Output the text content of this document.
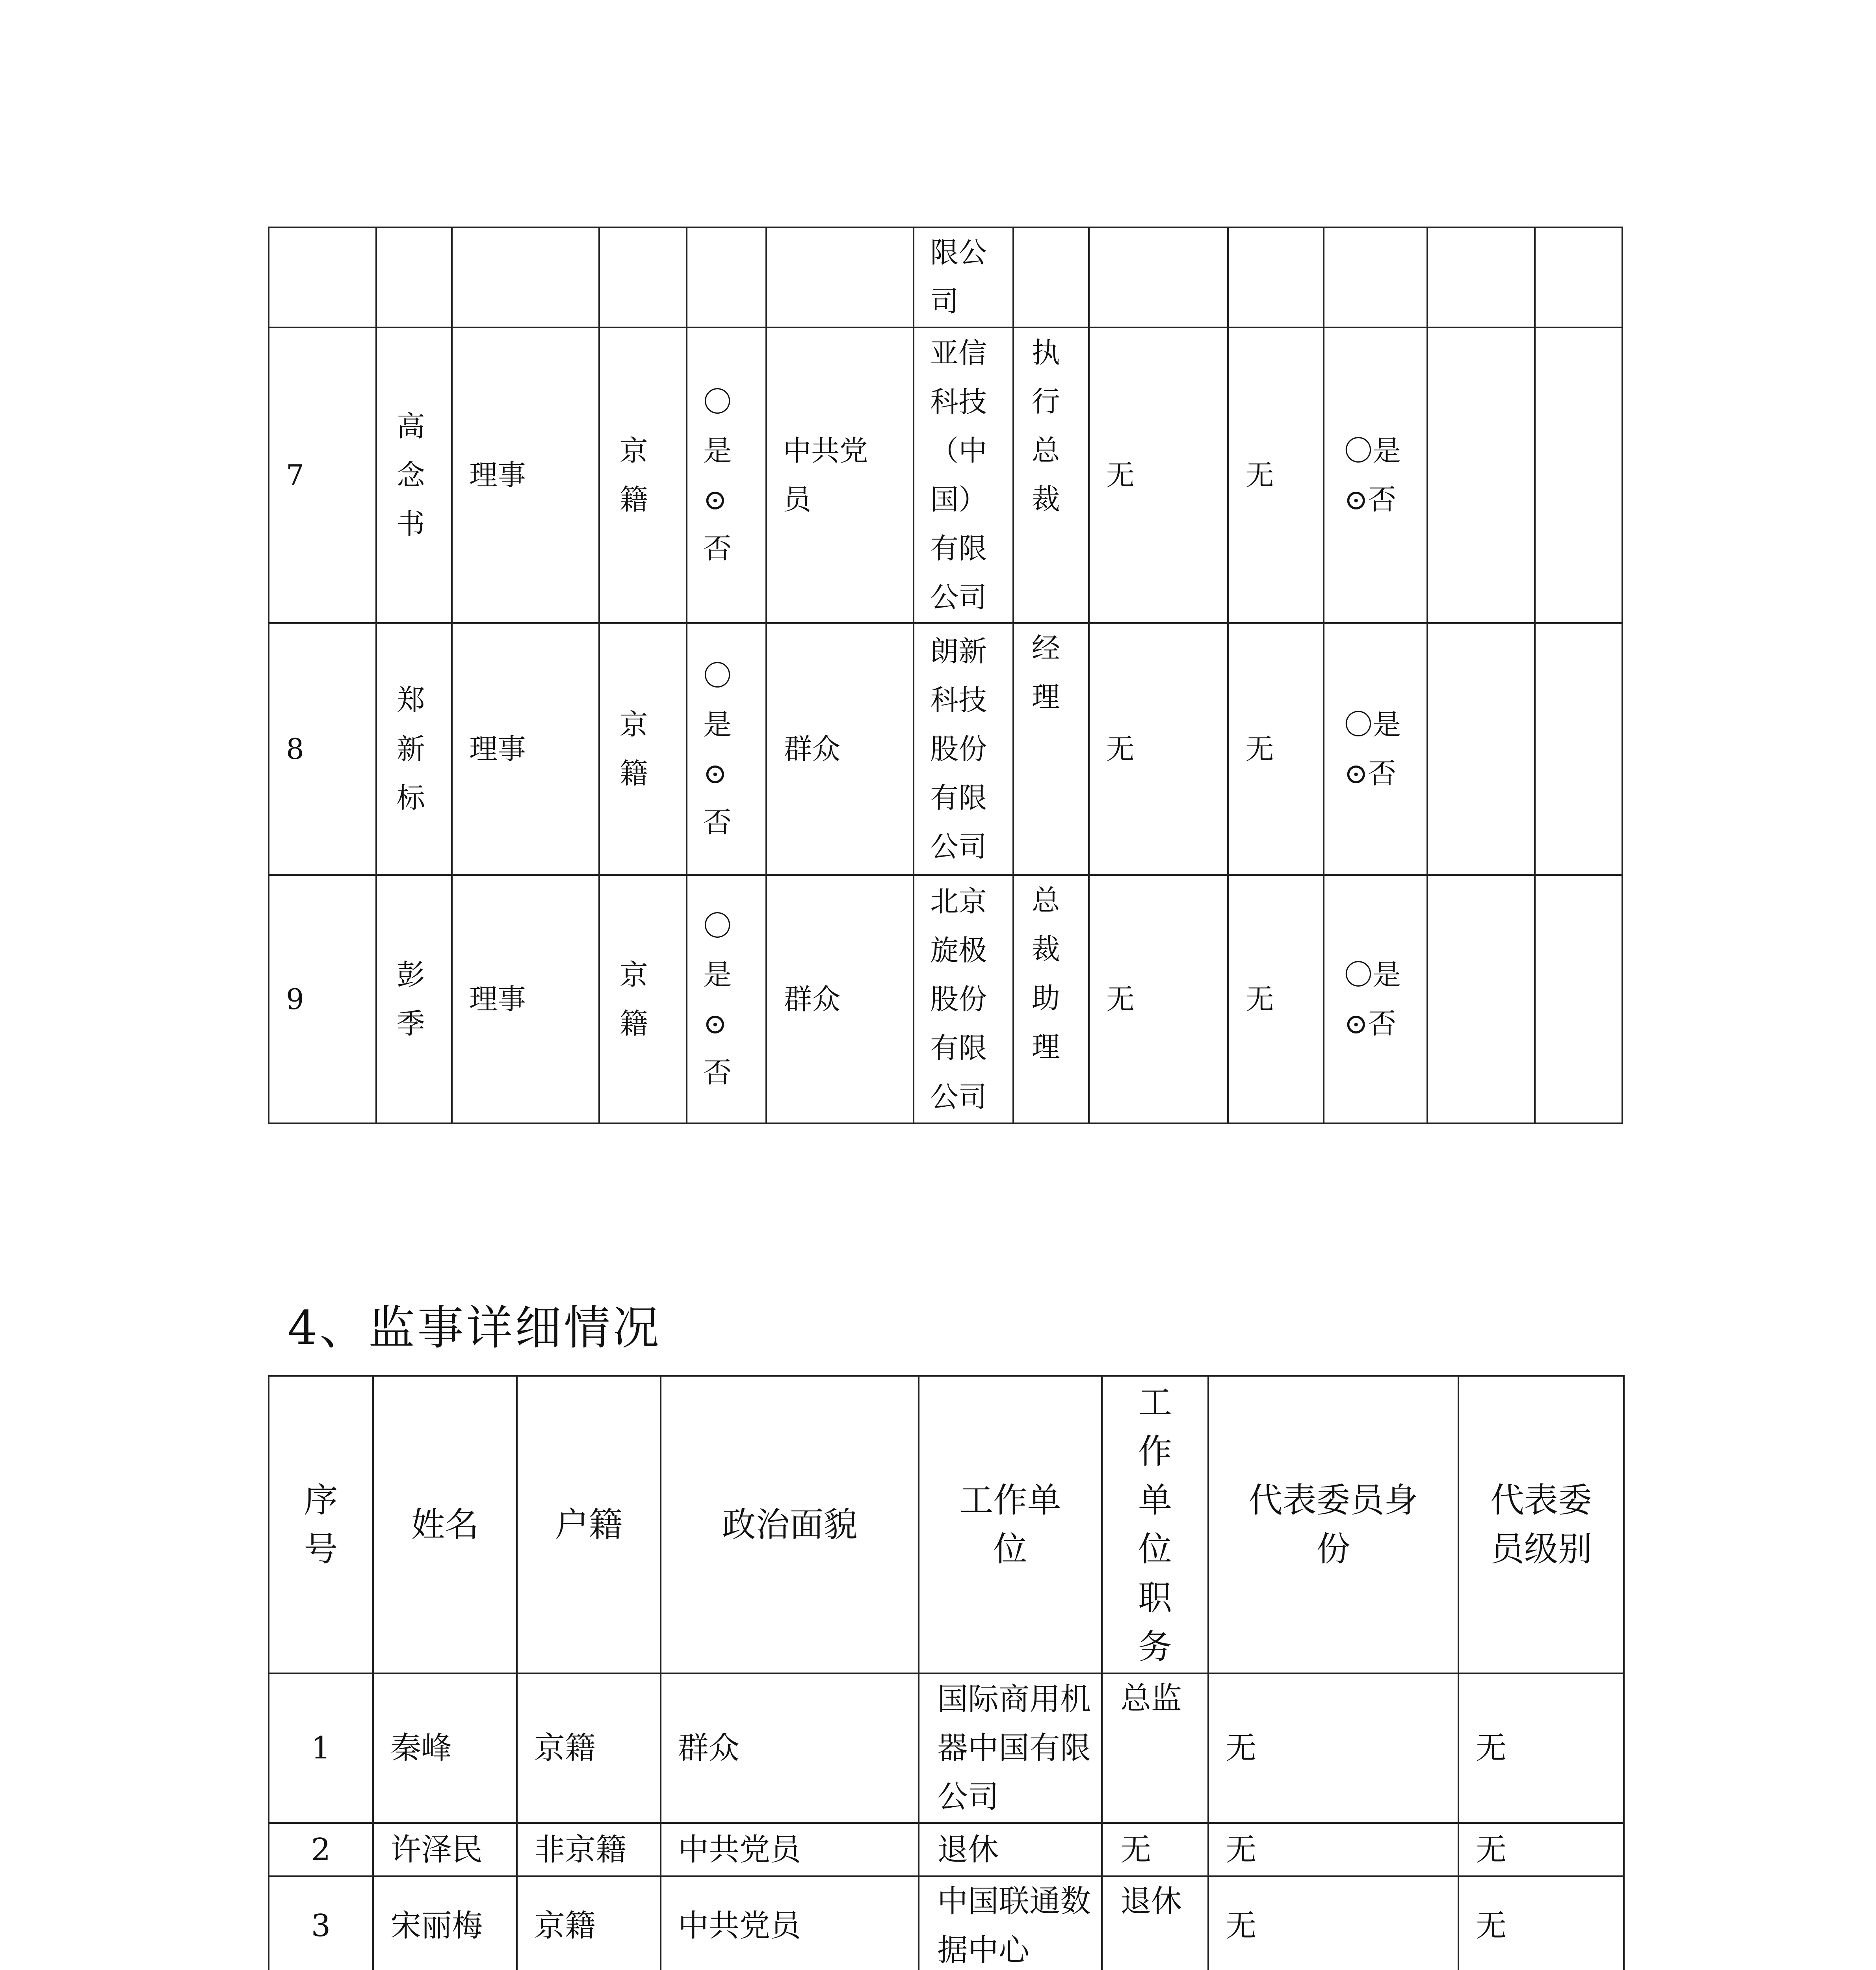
						限公司						

7	高念书	理事	京籍	〇是⊙否	中共党员	亚信科技（中国）有限公司	执行总裁	无	无	〇是⊙否		

8	郑新标	理事	京籍	〇是⊙否	群众	朗新科技股份有限公司	经理	无	无	〇是⊙否		

9	彭季	理事	京籍	〇是⊙否	群众	北京旋极股份有限公司	总裁助理	无	无	〇是⊙否		

4、监事详细情况
序号	姓名	户籍	政治面貌	工作单位	工作单位职务	代表委员身份	代表委员级别
1	秦峰	京籍	群众	国际商用机器中国有限公司	总监	无	无
2	许泽民	非京籍	中共党员	退休	无	无	无
3	宋丽梅	京籍	中共党员	中国联通数据中心	退休	无	无
